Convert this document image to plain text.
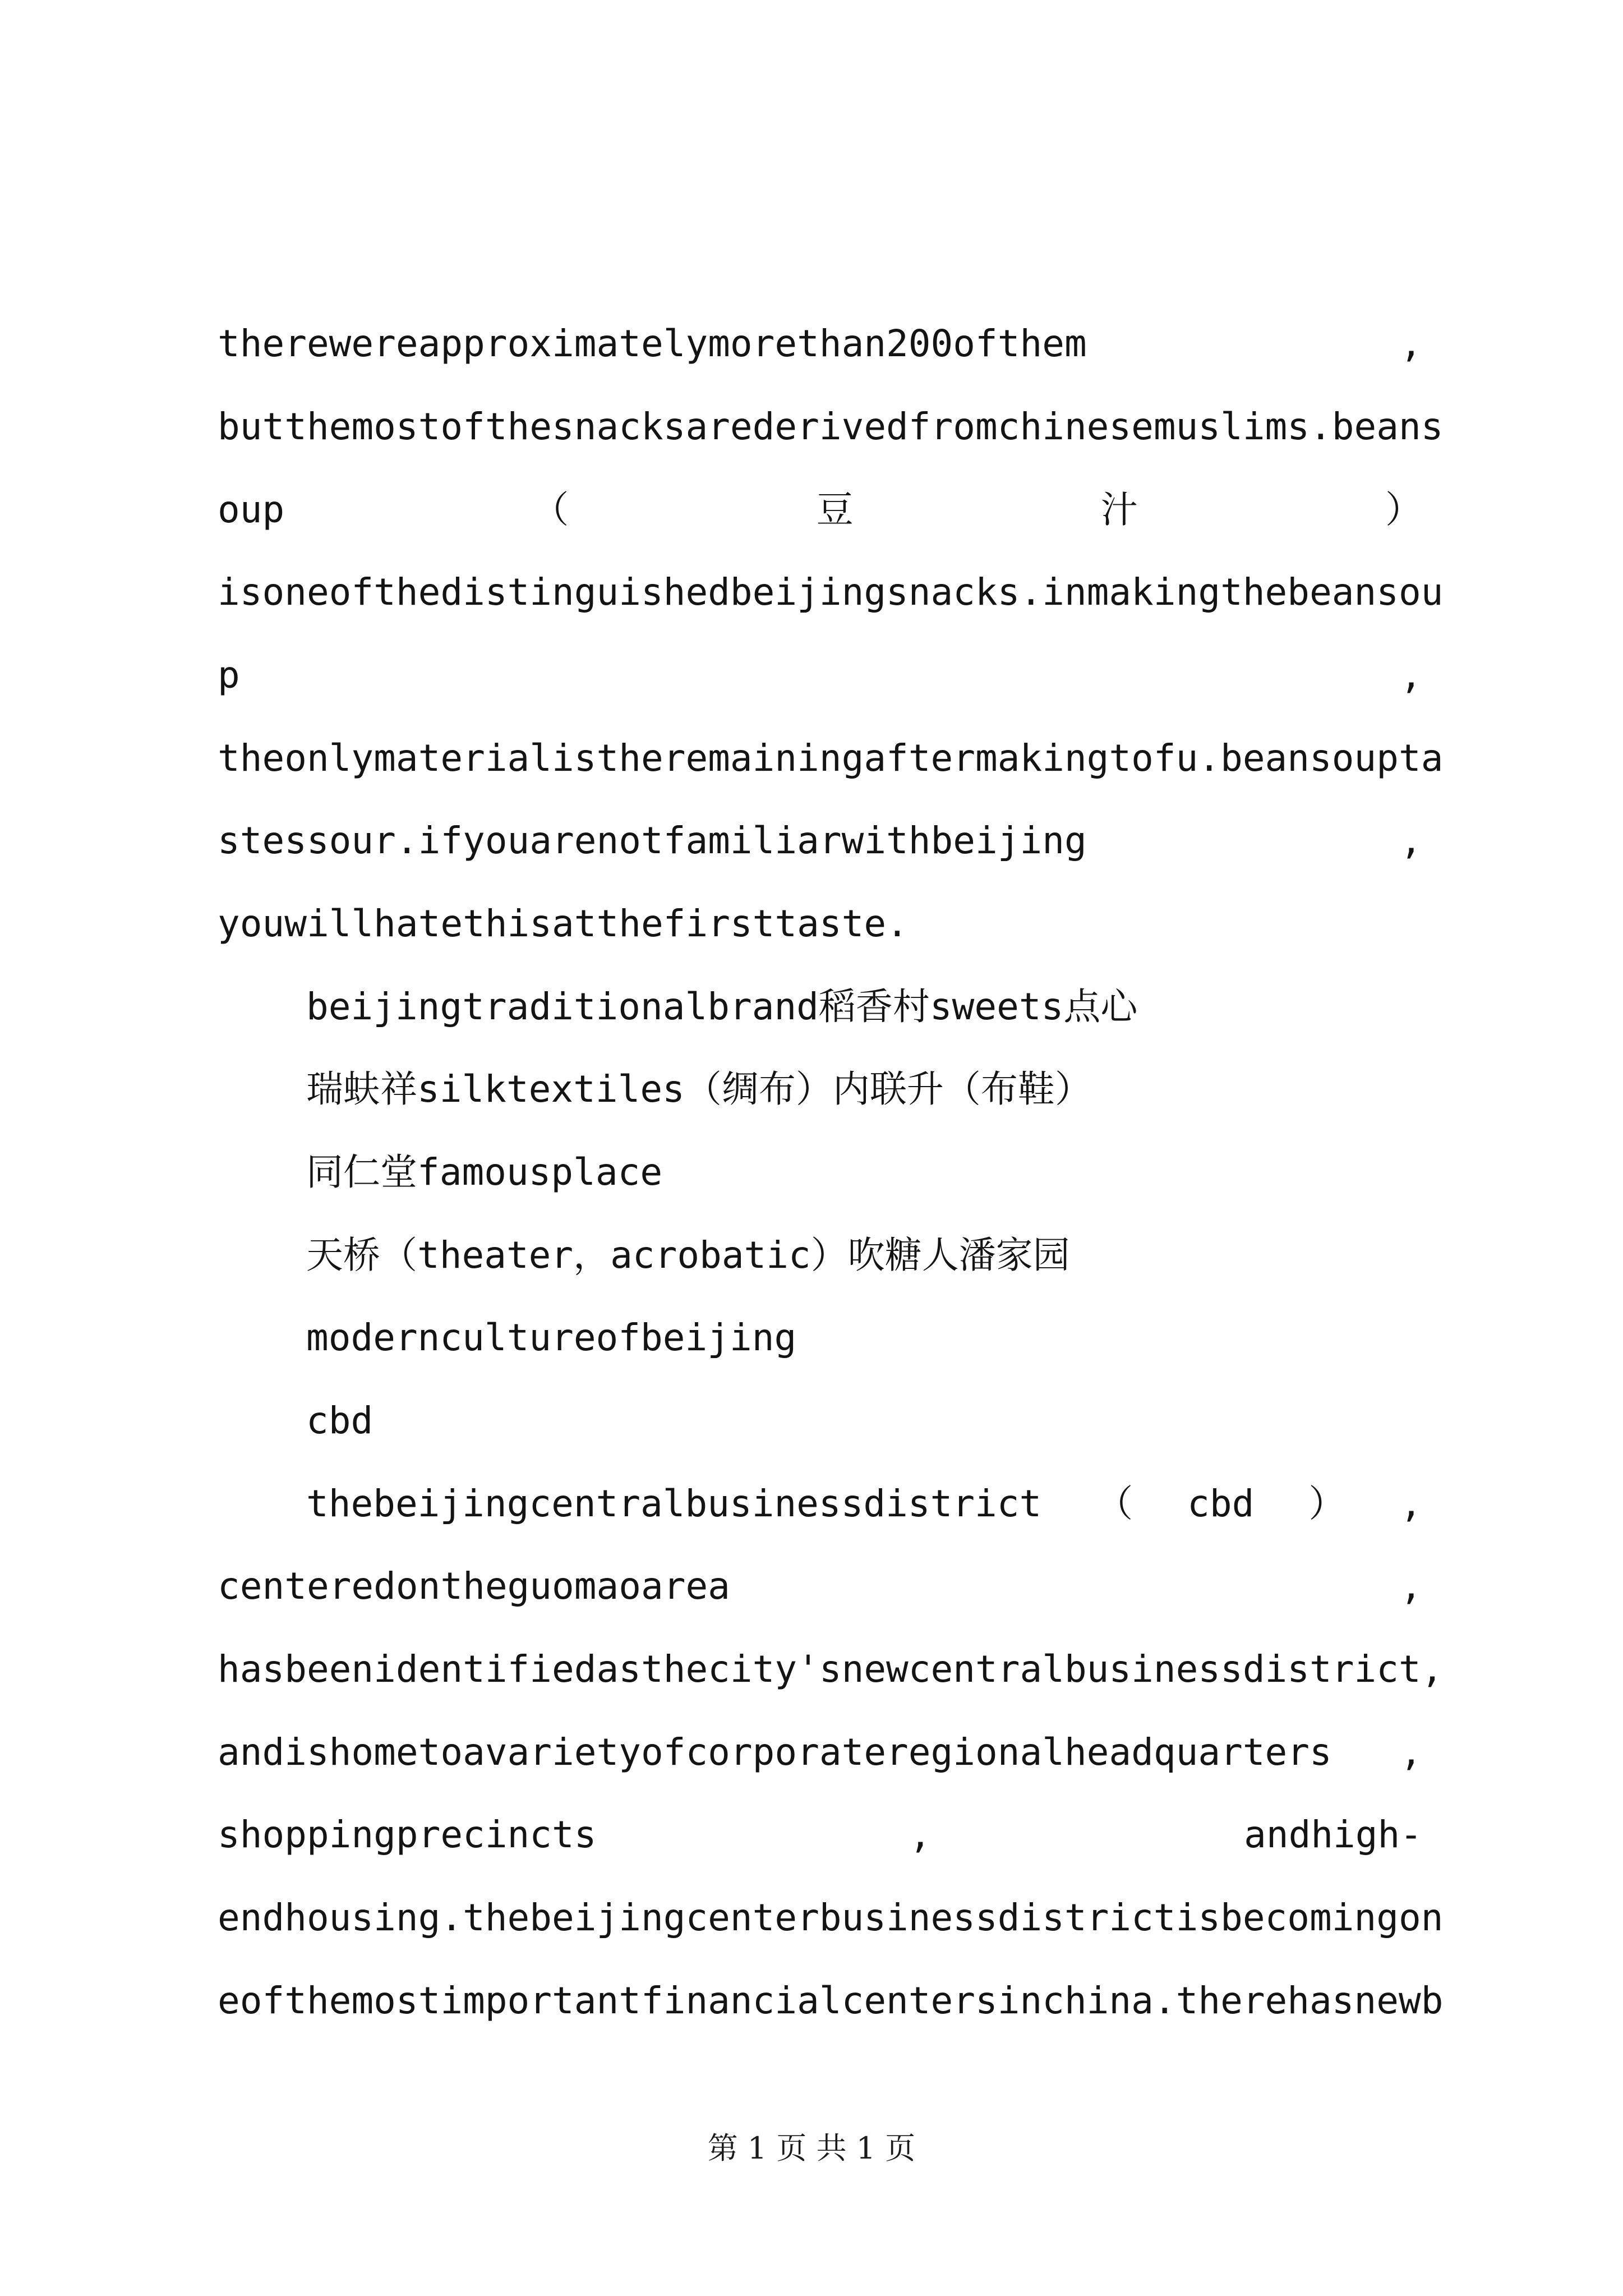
therewereapproximatelymorethan200ofthem	,
butthemostofthesnacksarederivedfromchinesemuslims.beans
oup	（	豆	汁	）
isoneofthedistinguishedbeijingsnacks.inmakingthebeansou
p	,
theonlymaterialistheremainingaftermakingtofu.beansoupta
stessour.ifyouarenotfamiliarwithbeijing	,
youwillhatethisatthefirsttaste.
beijingtraditionalbrand稻香村sweets点心
瑞蚨祥silktextiles（绸布）内联升（布鞋）
同仁堂famousplace
天桥（theater，acrobatic）吹糖人潘家园
modernculture​ofbeijing
cbd
thebeijingcentralbusinessdistrict （ cbd ） ,
centeredontheguomaoarea	,
hasbeenidentifiedasthecity'snewcentralbusinessdistrict,
andishometoavarietyofcorporateregionalheadquarters ,
shoppingprecincts	,	andhigh-
endhousing.thebeijingcenterbusinessdistrictisbecomingon
eofthemostimportantfinancialcentersinchina.therehasnewb
第 1 页 共 1 页
